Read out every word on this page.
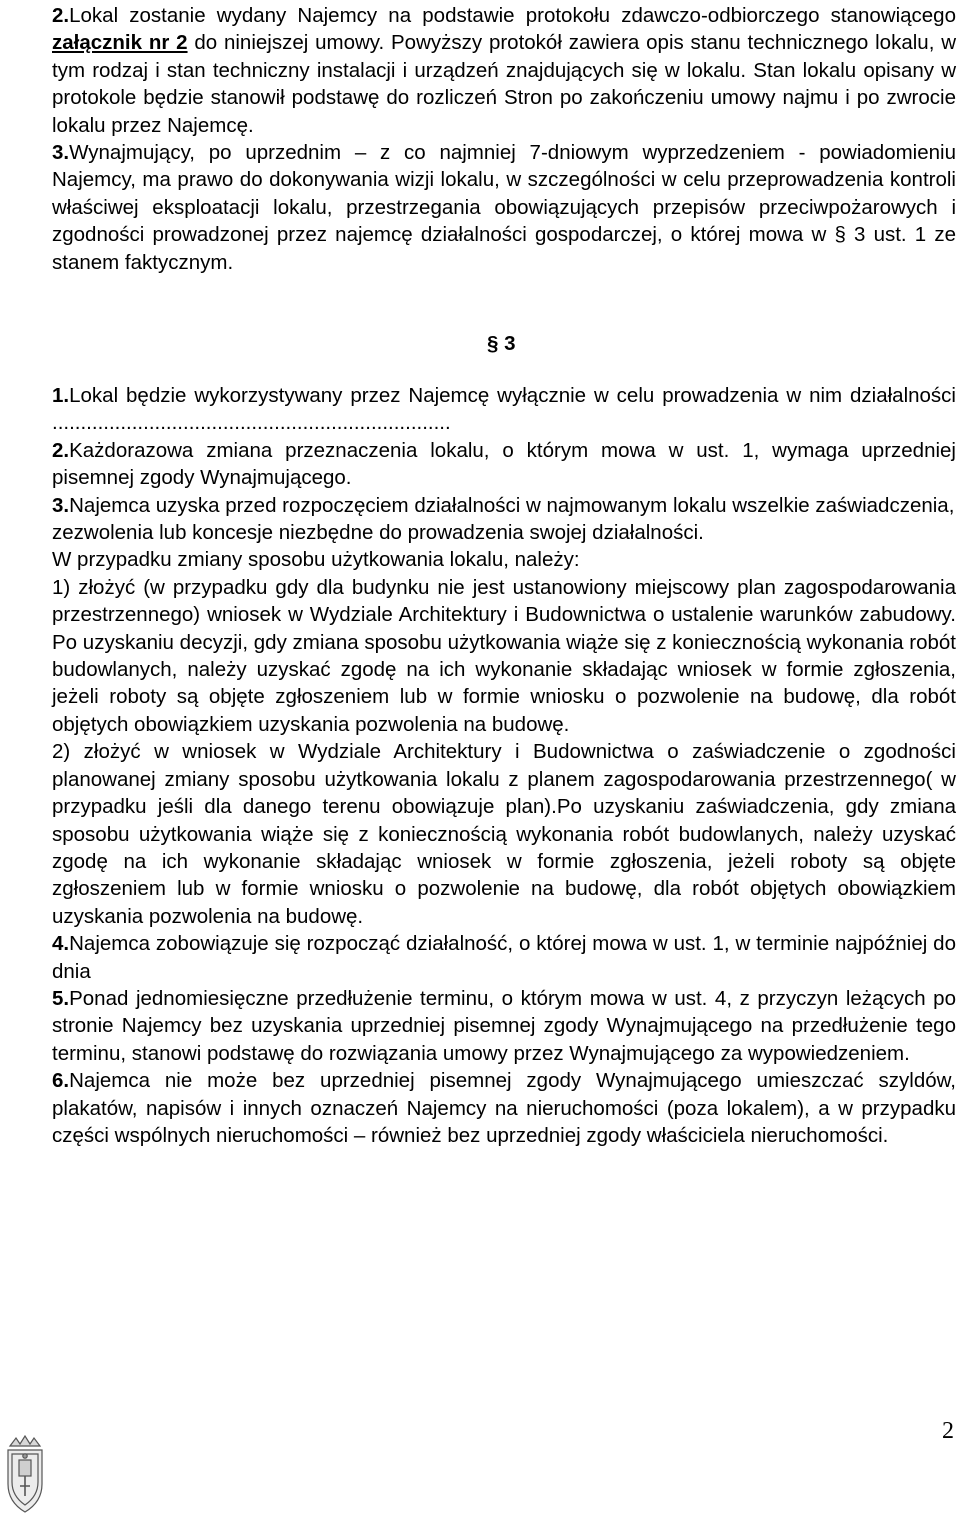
2.Lokal zostanie wydany Najemcy na podstawie protokołu zdawczo-odbiorczego stanowiącego załącznik nr 2 do niniejszej umowy. Powyższy protokół zawiera opis stanu technicznego lokalu, w tym rodzaj i stan techniczny instalacji i urządzeń znajdujących się w lokalu. Stan lokalu opisany w protokole będzie stanowił podstawę do rozliczeń Stron po zakończeniu umowy najmu i po zwrocie lokalu przez Najemcę.

3.Wynajmujący, po uprzednim – z co najmniej 7-dniowym wyprzedzeniem - powiadomieniu Najemcy, ma prawo do dokonywania wizji lokalu, w szczególności w celu przeprowadzenia kontroli właściwej eksploatacji lokalu, przestrzegania obowiązujących przepisów przeciwpożarowych i zgodności prowadzonej przez najemcę działalności gospodarczej, o której mowa w § 3 ust. 1 ze stanem faktycznym.

§ 3

1.Lokal będzie wykorzystywany przez Najemcę wyłącznie w celu prowadzenia w nim działalności ......................................................................

2.Każdorazowa zmiana przeznaczenia lokalu, o którym mowa w ust. 1, wymaga uprzedniej pisemnej zgody Wynajmującego.

3.Najemca uzyska przed rozpoczęciem działalności w najmowanym lokalu wszelkie zaświadczenia, zezwolenia lub koncesje niezbędne do prowadzenia swojej działalności.

W przypadku zmiany sposobu użytkowania lokalu, należy:

1) złożyć (w przypadku gdy dla budynku nie jest ustanowiony miejscowy plan zagospodarowania przestrzennego) wniosek w Wydziale Architektury i Budownictwa o ustalenie warunków zabudowy. Po uzyskaniu decyzji, gdy zmiana sposobu użytkowania wiąże się z koniecznością wykonania robót budowlanych, należy uzyskać zgodę na ich wykonanie składając wniosek w formie zgłoszenia, jeżeli roboty są objęte zgłoszeniem lub w formie wniosku o pozwolenie na budowę, dla robót objętych obowiązkiem uzyskania pozwolenia na budowę.

2) złożyć w wniosek w Wydziale Architektury i Budownictwa o zaświadczenie o zgodności planowanej zmiany sposobu użytkowania lokalu z planem zagospodarowania przestrzennego( w przypadku jeśli dla danego terenu obowiązuje plan).Po uzyskaniu zaświadczenia, gdy zmiana sposobu użytkowania wiąże się z koniecznością wykonania robót budowlanych, należy uzyskać zgodę na ich wykonanie składając wniosek w formie zgłoszenia, jeżeli roboty są objęte zgłoszeniem lub w formie wniosku o pozwolenie na budowę, dla robót objętych obowiązkiem uzyskania pozwolenia na budowę.

4.Najemca zobowiązuje się rozpocząć działalność, o której mowa w ust. 1, w terminie najpóźniej do dnia

5.Ponad jednomiesięczne przedłużenie terminu, o którym mowa w ust. 4, z przyczyn leżących po stronie Najemcy bez uzyskania uprzedniej pisemnej zgody Wynajmującego na przedłużenie tego terminu, stanowi podstawę do rozwiązania umowy przez Wynajmującego za wypowiedzeniem.

6.Najemca nie może bez uprzedniej pisemnej zgody Wynajmującego umieszczać szyldów, plakatów, napisów i innych oznaczeń Najemcy na nieruchomości (poza lokalem), a w przypadku części wspólnych nieruchomości – również bez uprzedniej zgody właściciela nieruchomości.

2
